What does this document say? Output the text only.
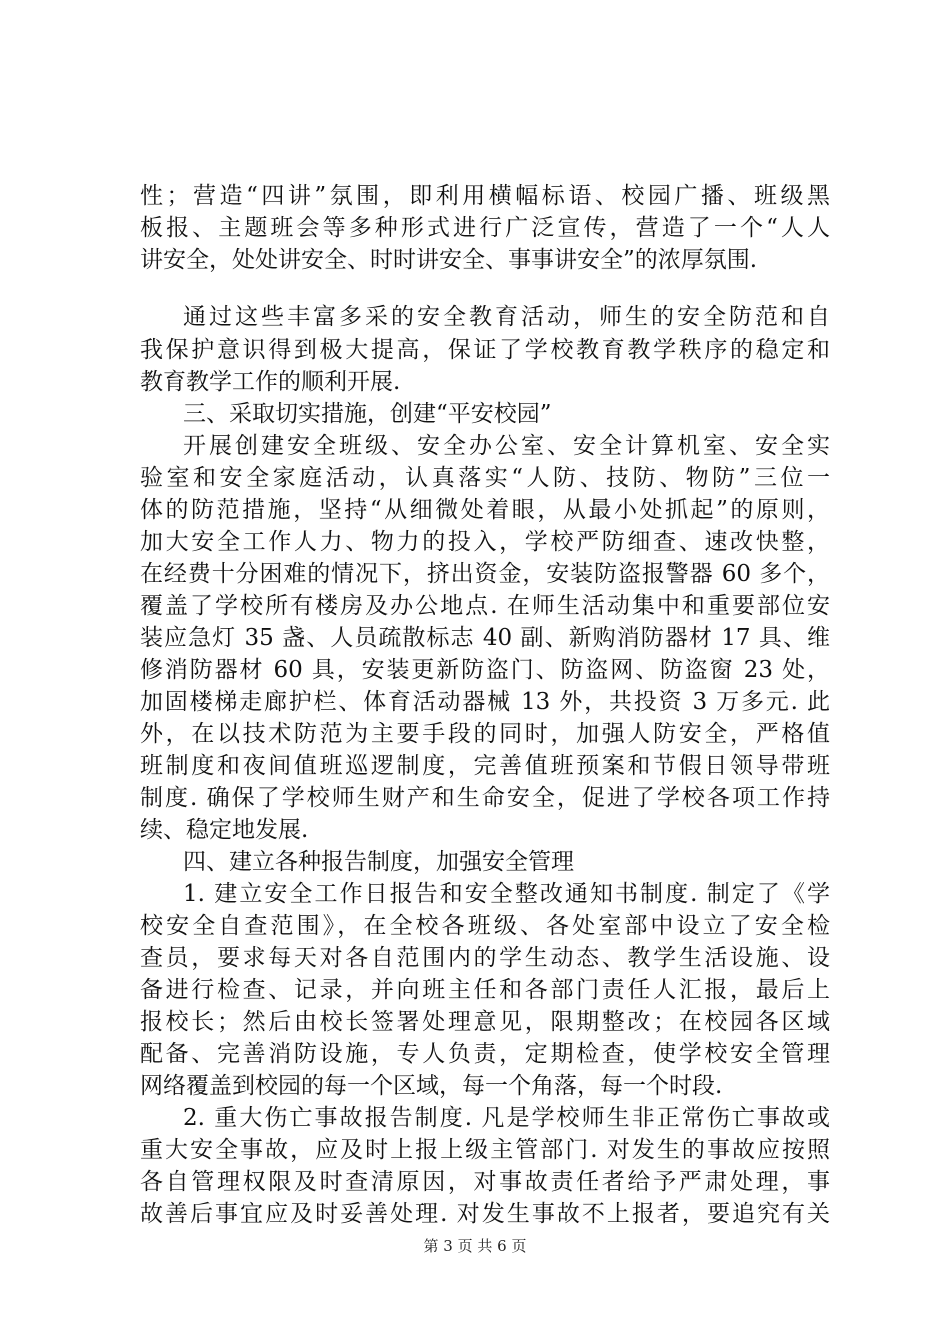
性；营造“四讲”氛围，即利用横幅标语、校园广播、班级黑
板报、主题班会等多种形式进行广泛宣传，营造了一个“人人
讲安全，处处讲安全、时时讲安全、事事讲安全”的浓厚氛围.
通过这些丰富多采的安全教育活动，师生的安全防范和自
我保护意识得到极大提高，保证了学校教育教学秩序的稳定和
教育教学工作的顺利开展.
三、采取切实措施，创建“平安校园”
开展创建安全班级、安全办公室、安全计算机室、安全实
验室和安全家庭活动，认真落实“人防、技防、物防”三位一
体的防范措施，坚持“从细微处着眼，从最小处抓起”的原则，
加大安全工作人力、物力的投入，学校严防细查、速改快整，
在经费十分困难的情况下，挤出资金，安装防盗报警器 60 多个，
覆盖了学校所有楼房及办公地点. 在师生活动集中和重要部位安
装应急灯 35 盏、人员疏散标志 40 副、新购消防器材 17 具、维
修消防器材 60 具，安装更新防盗门、防盗网、防盗窗 23 处，
加固楼梯走廊护栏、体育活动器械 13 外，共投资 3 万多元. 此
外，在以技术防范为主要手段的同时，加强人防安全，严格值
班制度和夜间值班巡逻制度，完善值班预案和节假日领导带班
制度. 确保了学校师生财产和生命安全，促进了学校各项工作持
续、稳定地发展.
四、建立各种报告制度，加强安全管理
1. 建立安全工作日报告和安全整改通知书制度. 制定了《学
校安全自查范围》，在全校各班级、各处室部中设立了安全检
查员，要求每天对各自范围内的学生动态、教学生活设施、设
备进行检查、记录，并向班主任和各部门责任人汇报，最后上
报校长；然后由校长签署处理意见，限期整改；在校园各区域
配备、完善消防设施，专人负责，定期检查，使学校安全管理
网络覆盖到校园的每一个区域，每一个角落，每一个时段.
2. 重大伤亡事故报告制度. 凡是学校师生非正常伤亡事故或
重大安全事故，应及时上报上级主管部门. 对发生的事故应按照
各自管理权限及时查清原因，对事故责任者给予严肃处理，事
故善后事宜应及时妥善处理. 对发生事故不上报者，要追究有关
第 3 页 共 6 页
